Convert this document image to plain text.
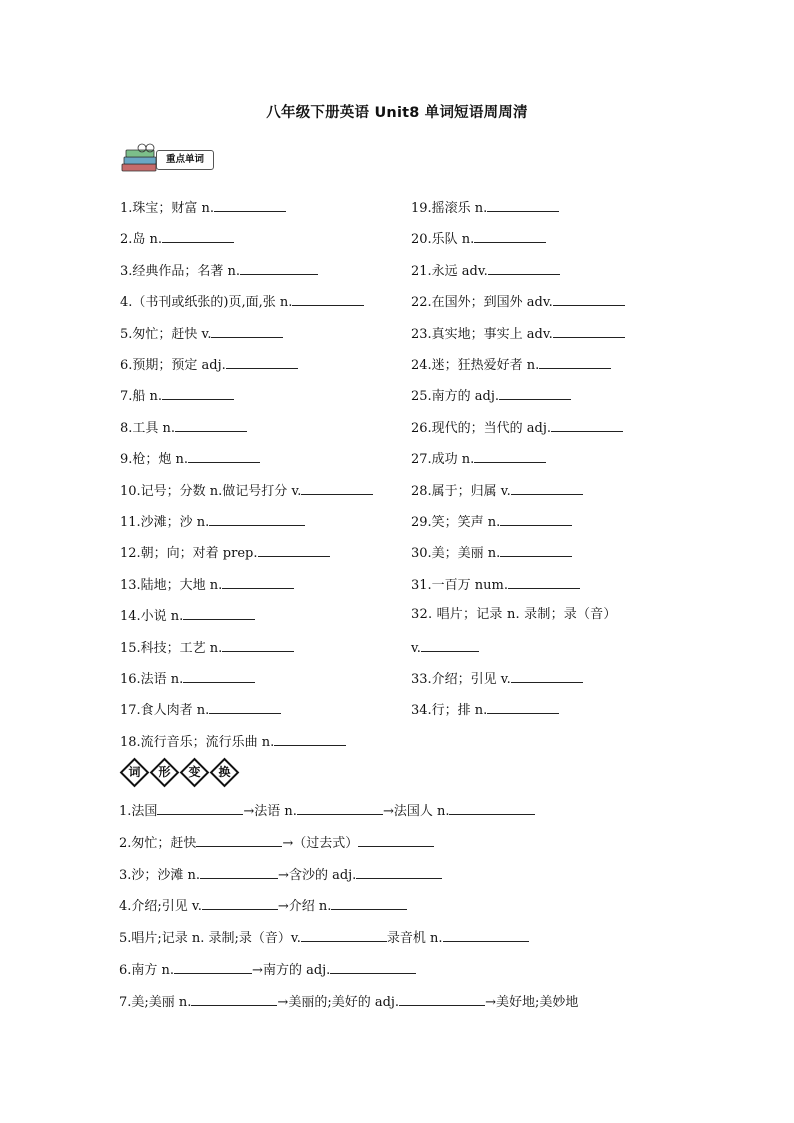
八年级下册英语 Unit8 单词短语周周清
重点单词
词	形	变	换
1.珠宝；财富 n.
2.岛 n.
3.经典作品；名著 n.
4.（书刊或纸张的)页,面,张 n.
5.匆忙；赶快 v.
6.预期；预定 adj.
7.船 n.
8.工具 n.
9.枪；炮 n.
10.记号；分数 n.做记号打分 v.
11.沙滩；沙 n.
12.朝；向；对着 prep.
13.陆地；大地 n.
14.小说 n.
15.科技；工艺 n.
16.法语 n.
17.食人肉者 n.
18.流行音乐；流行乐曲 n.
19.摇滚乐 n.
20.乐队 n.
21.永远 adv.
22.在国外；到国外 adv.
23.真实地；事实上 adv.
24.迷；狂热爱好者 n.
25.南方的 adj.
26.现代的；当代的 adj.
27.成功 n.
28.属于；归属 v.
29.笑；笑声 n.
30.美；美丽 n.
31.一百万 num.
32. 唱片；记录 n. 录制；录（音）
v.
33.介绍；引见 v.
34.行；排 n.
1.法国	→法语 n.	→法国人 n.
2.匆忙；赶快	→（过去式）
3.沙；沙滩 n.	→含沙的 adj.
4.介绍;引见 v.	→介绍 n.
5.唱片;记录 n. 录制;录（音）v.	录音机 n.
6.南方 n.	→南方的 adj.
7.美;美丽 n.	→美丽的;美好的 adj.	→美好地;美妙地
